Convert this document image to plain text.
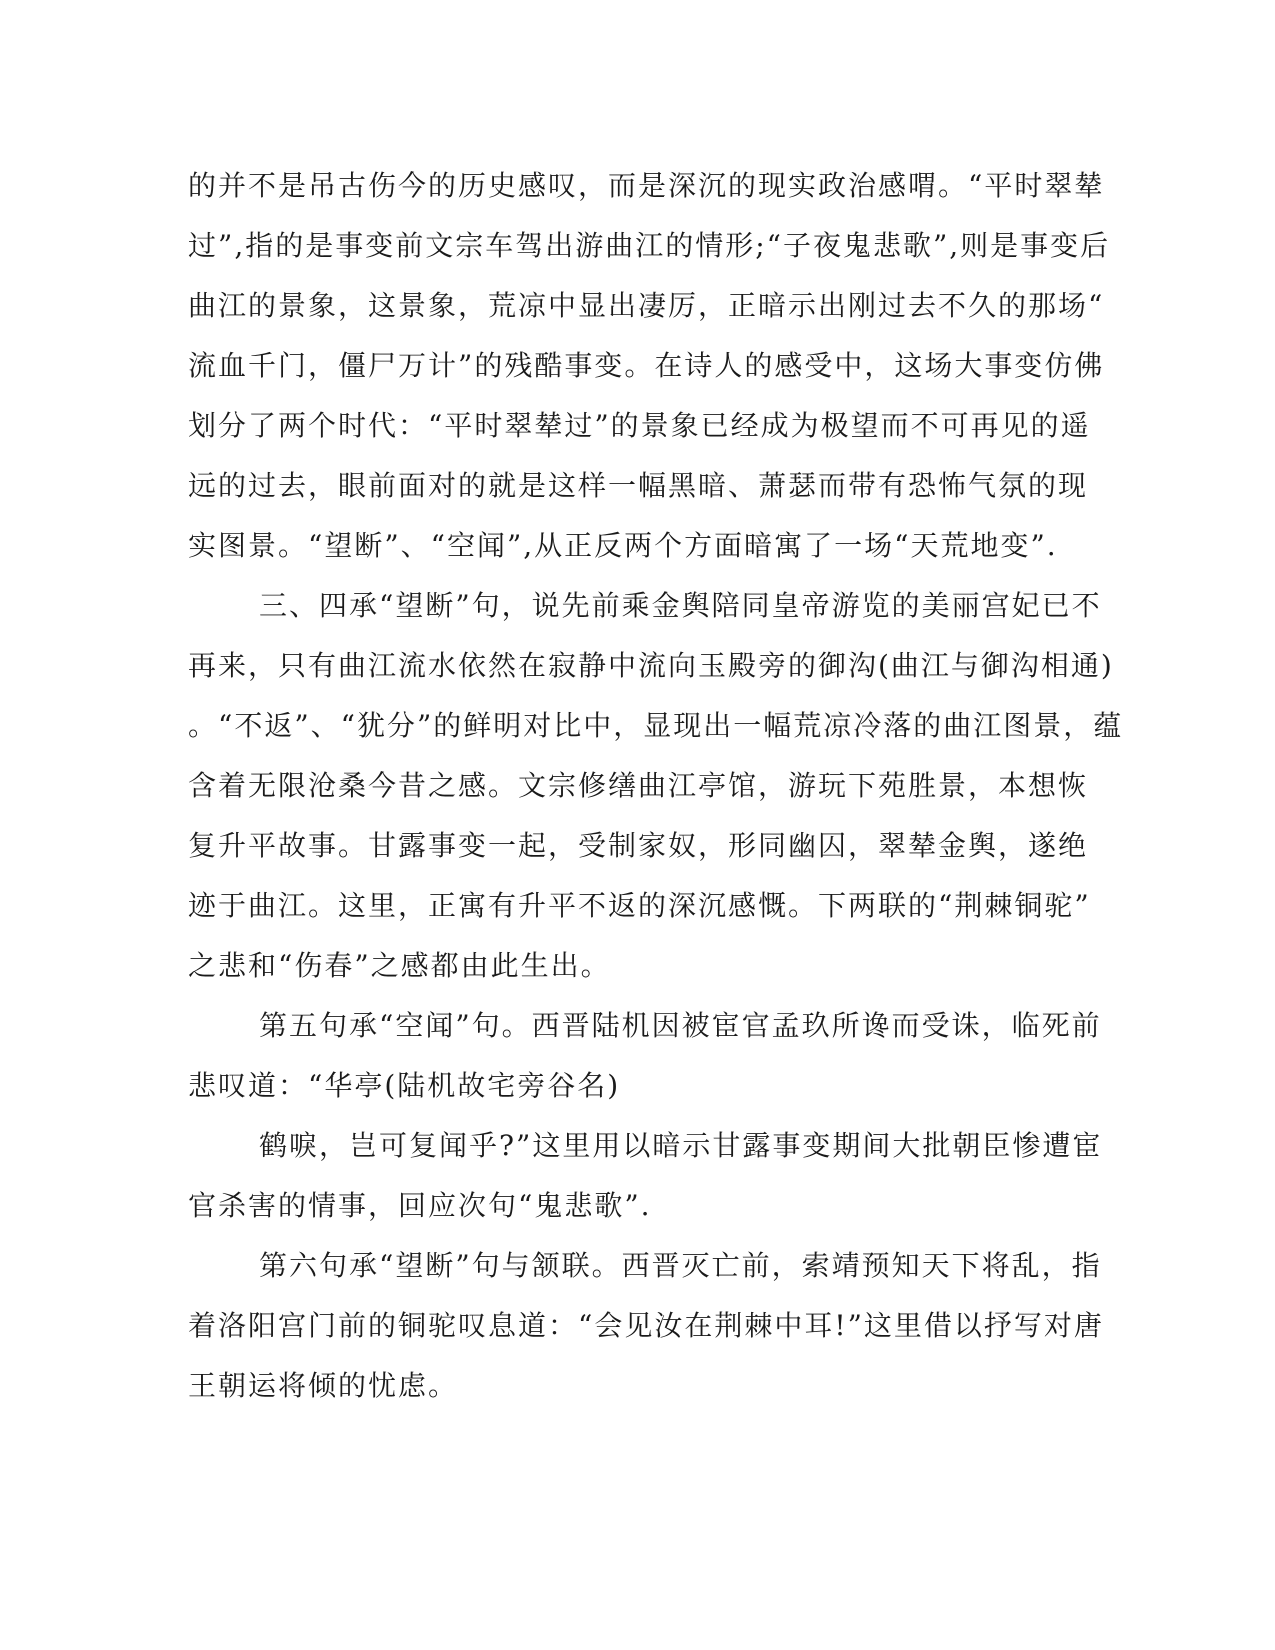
的并不是吊古伤今的历史感叹，而是深沉的现实政治感喟。“平时翠辇
过”,指的是事变前文宗车驾出游曲江的情形;“子夜鬼悲歌”,则是事变后
曲江的景象，这景象，荒凉中显出凄厉，正暗示出刚过去不久的那场“
流血千门，僵尸万计”的残酷事变。在诗人的感受中，这场大事变仿佛
划分了两个时代：“平时翠辇过”的景象已经成为极望而不可再见的遥
远的过去，眼前面对的就是这样一幅黑暗、萧瑟而带有恐怖气氛的现
实图景。“望断”、“空闻”,从正反两个方面暗寓了一场“天荒地变”.
三、四承“望断”句，说先前乘金舆陪同皇帝游览的美丽宫妃已不
再来，只有曲江流水依然在寂静中流向玉殿旁的御沟(曲江与御沟相通)
。“不返”、“犹分”的鲜明对比中，显现出一幅荒凉冷落的曲江图景，蕴
含着无限沧桑今昔之感。文宗修缮曲江亭馆，游玩下苑胜景，本想恢
复升平故事。甘露事变一起，受制家奴，形同幽囚，翠辇金舆，遂绝
迹于曲江。这里，正寓有升平不返的深沉感慨。下两联的“荆棘铜驼”
之悲和“伤春”之感都由此生出。
第五句承“空闻”句。西晋陆机因被宦官孟玖所谗而受诛，临死前
悲叹道：“华亭(陆机故宅旁谷名)
鹤唳，岂可复闻乎?”这里用以暗示甘露事变期间大批朝臣惨遭宦
官杀害的情事，回应次句“鬼悲歌”.
第六句承“望断”句与颔联。西晋灭亡前，索靖预知天下将乱，指
着洛阳宫门前的铜驼叹息道：“会见汝在荆棘中耳!”这里借以抒写对唐
王朝运将倾的忧虑。
